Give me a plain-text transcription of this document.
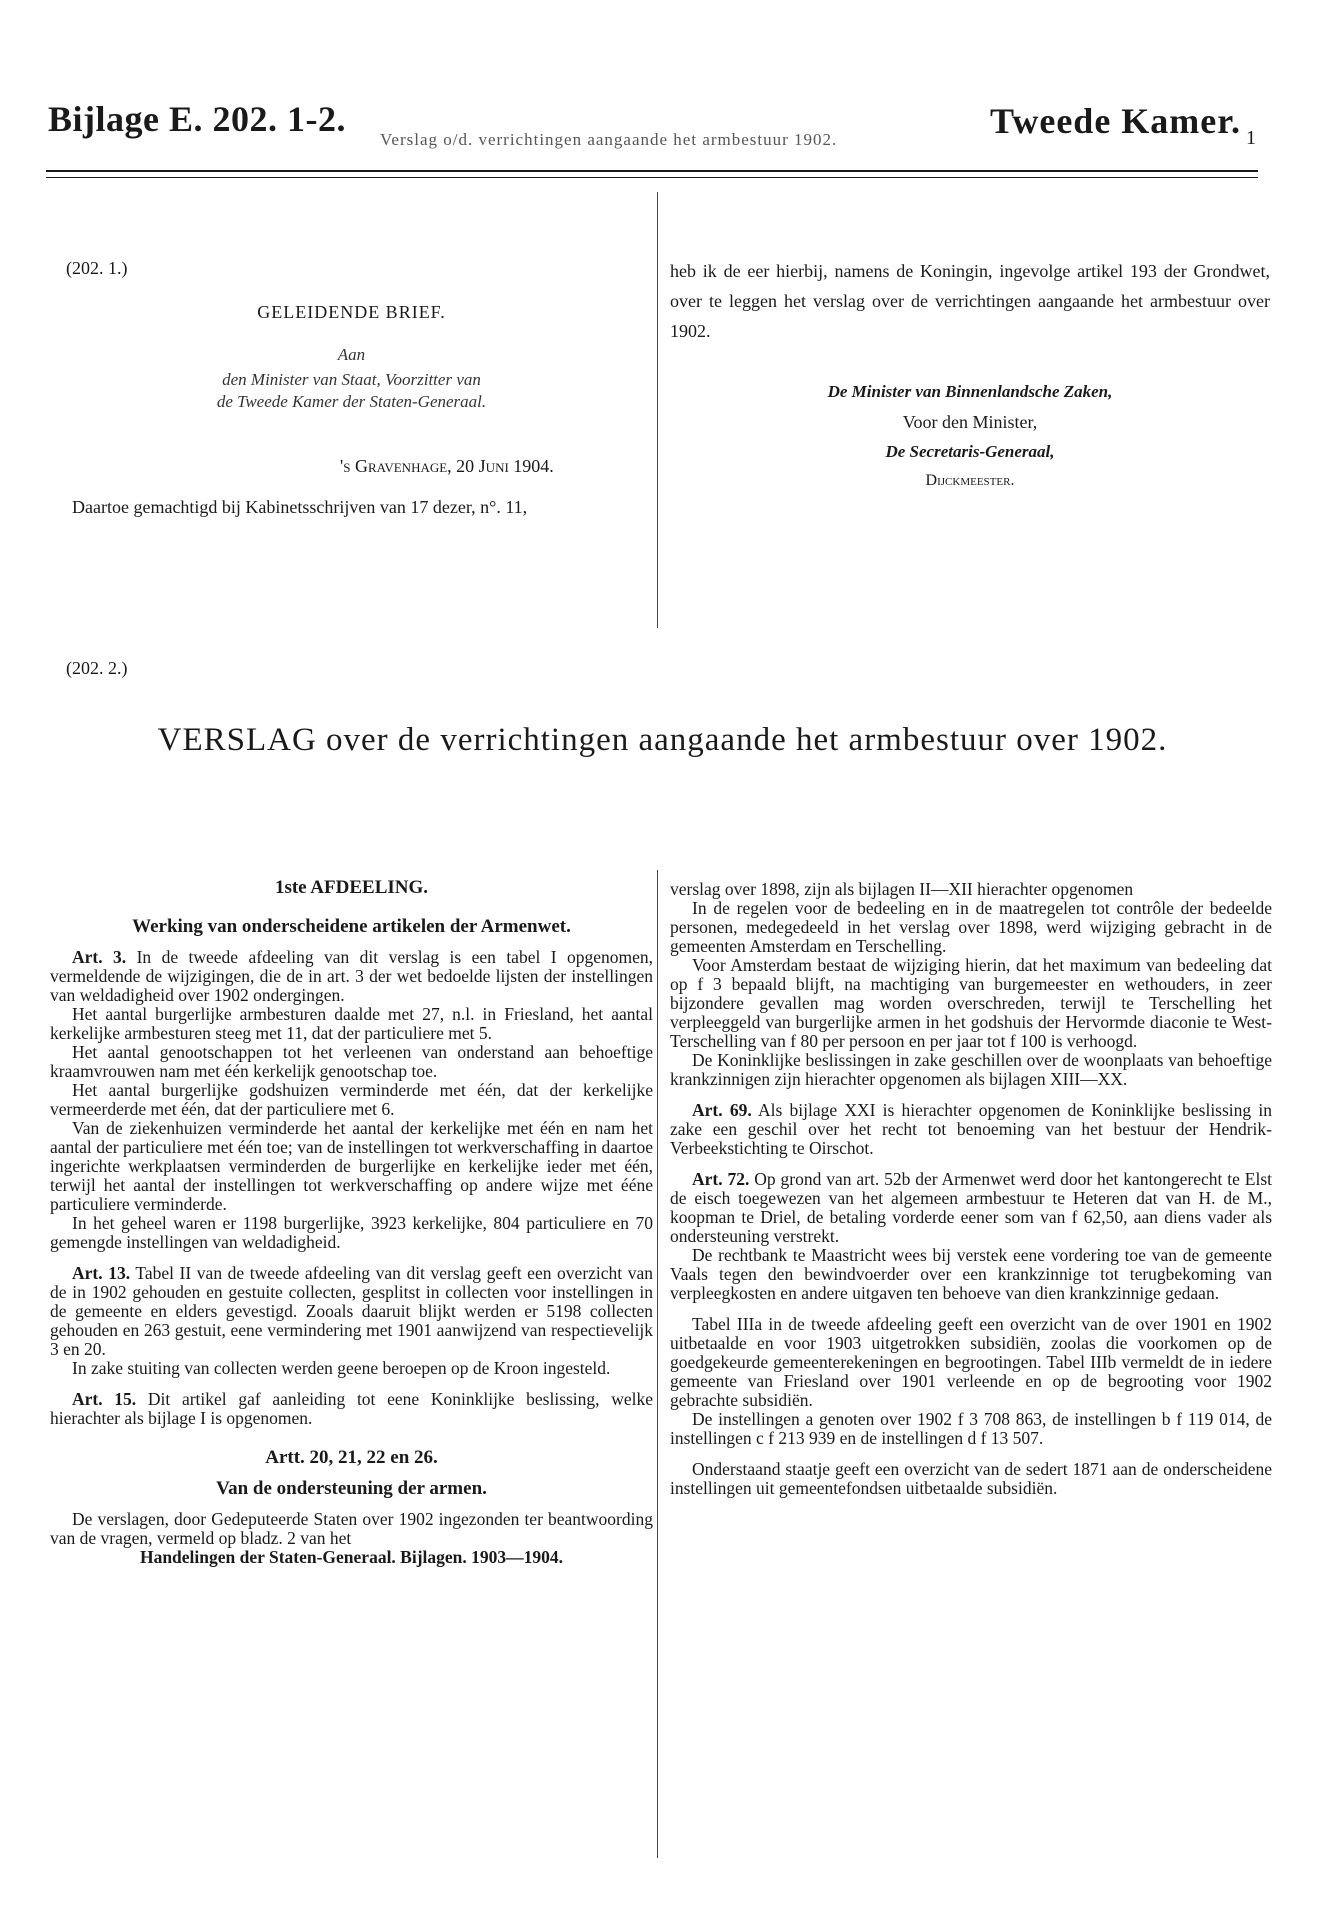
Bijlage E. 202. 1-2.
Verslag o/d. verrichtingen aangaande het armbestuur 1902.	Tweede Kamer. 1
(202. 1.)
GELEIDENDE BRIEF.
Aan
den Minister van Staat, Voorzitter van
de Tweede Kamer der Staten-Generaal.
's Gravenhage, 20 Juni 1904.
Daartoe gemachtigd bij Kabinetsschrijven van 17 dezer, n°. 11,
heb ik de eer hierbij, namens de Koningin, ingevolge artikel 193 der Grondwet, over te leggen het verslag over de verrichtingen aangaande het armbestuur over 1902.
De Minister van Binnenlandsche Zaken,
Voor den Minister,
De Secretaris-Generaal,
Dijckmeester.
(202. 2.)
VERSLAG over de verrichtingen aangaande het armbestuur over 1902.

1ste AFDEELING.

Werking van onderscheidene artikelen der Armenwet.

Art. 3. In de tweede afdeeling van dit verslag is een tabel I opgenomen, vermeldende de wijzigingen, die de in art. 3 der wet bedoelde lijsten der instellingen van weldadigheid over 1902 ondergingen.

Het aantal burgerlijke armbesturen daalde met 27, n.l. in Friesland, het aantal kerkelijke armbesturen steeg met 11, dat der particuliere met 5.

Het aantal genootschappen tot het verleenen van onderstand aan behoeftige kraamvrouwen nam met één kerkelijk genootschap toe.

Het aantal burgerlijke godshuizen verminderde met één, dat der kerkelijke vermeerderde met één, dat der particuliere met 6.

Van de ziekenhuizen verminderde het aantal der kerkelijke met één en nam het aantal der particuliere met één toe; van de instellingen tot werkverschaffing in daartoe ingerichte werkplaatsen verminderden de burgerlijke en kerkelijke ieder met één, terwijl het aantal der instellingen tot werkverschaffing op andere wijze met ééne particuliere verminderde.

In het geheel waren er 1198 burgerlijke, 3923 kerkelijke, 804 particuliere en 70 gemengde instellingen van weldadigheid.

Art. 13. Tabel II van de tweede afdeeling van dit verslag geeft een overzicht van de in 1902 gehouden en gestuite collecten, gesplitst in collecten voor instellingen in de gemeente en elders gevestigd. Zooals daaruit blijkt werden er 5198 collecten gehouden en 263 gestuit, eene vermindering met 1901 aanwijzend van respectievelijk 3 en 20.

In zake stuiting van collecten werden geene beroepen op de Kroon ingesteld.

Art. 15. Dit artikel gaf aanleiding tot eene Koninklijke beslissing, welke hierachter als bijlage I is opgenomen.

Artt. 20, 21, 22 en 26.

Van de ondersteuning der armen.

De verslagen, door Gedeputeerde Staten over 1902 ingezonden ter beantwoording van de vragen, vermeld op bladz. 2 van het

Handelingen der Staten-Generaal. Bijlagen. 1903—1904.

verslag over 1898, zijn als bijlagen II—XII hierachter opgenomen

In de regelen voor de bedeeling en in de maatregelen tot contrôle der bedeelde personen, medegedeeld in het verslag over 1898, werd wijziging gebracht in de gemeenten Amsterdam en Terschelling.

Voor Amsterdam bestaat de wijziging hierin, dat het maximum van bedeeling dat op f 3 bepaald blijft, na machtiging van burgemeester en wethouders, in zeer bijzondere gevallen mag worden overschreden, terwijl te Terschelling het verpleeggeld van burgerlijke armen in het godshuis der Hervormde diaconie te West-Terschelling van f 80 per persoon en per jaar tot f 100 is verhoogd.

De Koninklijke beslissingen in zake geschillen over de woonplaats van behoeftige krankzinnigen zijn hierachter opgenomen als bijlagen XIII—XX.

Art. 69. Als bijlage XXI is hierachter opgenomen de Koninklijke beslissing in zake een geschil over het recht tot benoeming van het bestuur der Hendrik-Verbeekstichting te Oirschot.

Art. 72. Op grond van art. 52b der Armenwet werd door het kantongerecht te Elst de eisch toegewezen van het algemeen armbestuur te Heteren dat van H. de M., koopman te Driel, de betaling vorderde eener som van f 62,50, aan diens vader als ondersteuning verstrekt.

De rechtbank te Maastricht wees bij verstek eene vordering toe van de gemeente Vaals tegen den bewindvoerder over een krankzinnige tot terugbekoming van verpleegkosten en andere uitgaven ten behoeve van dien krankzinnige gedaan.

Tabel IIIa in de tweede afdeeling geeft een overzicht van de over 1901 en 1902 uitbetaalde en voor 1903 uitgetrokken subsidiën, zoolas die voorkomen op de goedgekeurde gemeenterekeningen en begrootingen. Tabel IIIb vermeldt de in iedere gemeente van Friesland over 1901 verleende en op de begrooting voor 1902 gebrachte subsidiën.

De instellingen a genoten over 1902 f 3 708 863, de instellingen b f 119 014, de instellingen c f 213 939 en de instellingen d f 13 507.

Onderstaand staatje geeft een overzicht van de sedert 1871 aan de onderscheidene instellingen uit gemeentefondsen uitbetaalde subsidiën.
